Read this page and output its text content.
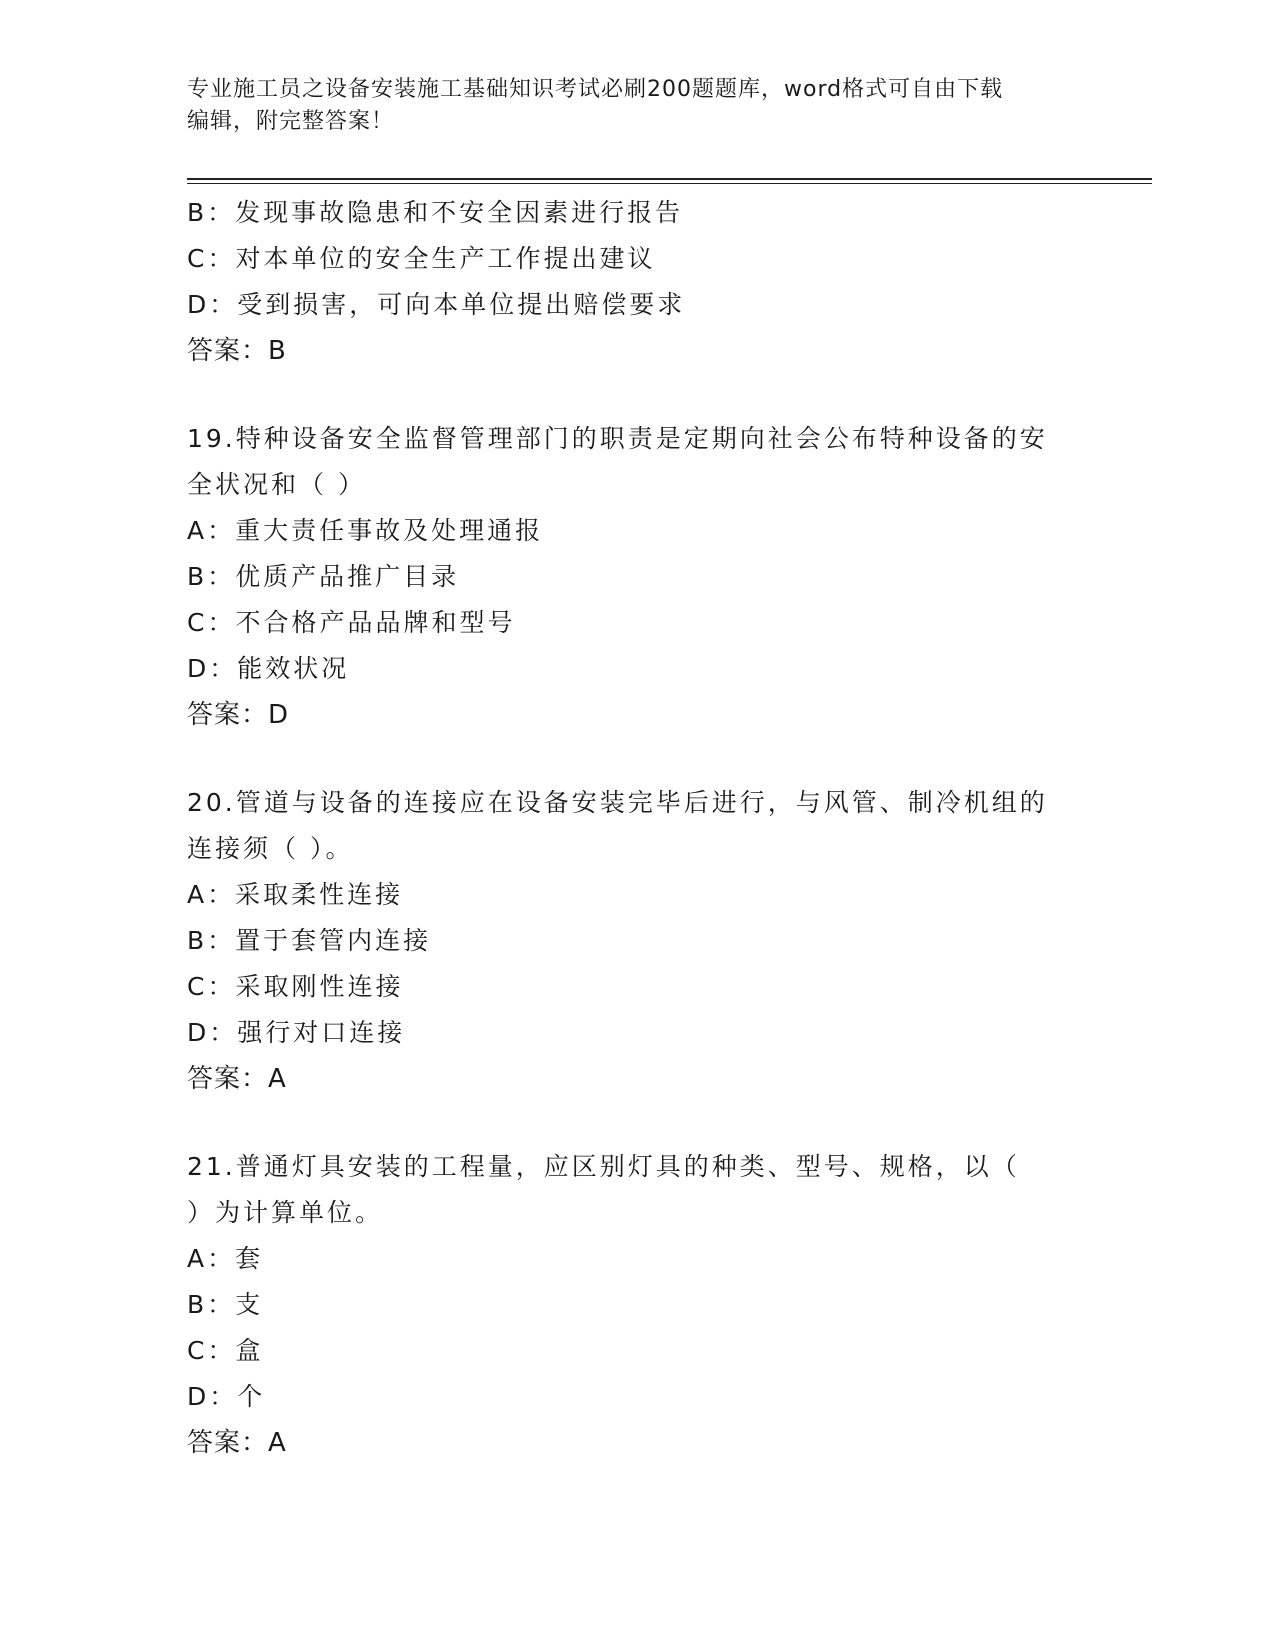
专业施工员之设备安装施工基础知识考试必刷200题题库，word格式可自由下载
编辑，附完整答案！
B：发现事故隐患和不安全因素进行报告
C：对本单位的安全生产工作提出建议
D：受到损害，可向本单位提出赔偿要求
答案：B
19.特种设备安全监督管理部门的职责是定期向社会公布特种设备的安
全状况和（ ）
A：重大责任事故及处理通报
B：优质产品推广目录
C：不合格产品品牌和型号
D：能效状况
答案：D
20.管道与设备的连接应在设备安装完毕后进行，与风管、制冷机组的
连接须（ ）。
A：采取柔性连接
B：置于套管内连接
C：采取刚性连接
D：强行对口连接
答案：A
21.普通灯具安装的工程量，应区别灯具的种类、型号、规格，以（
）为计算单位。
A：套
B：支
C：盒
D：个
答案：A
